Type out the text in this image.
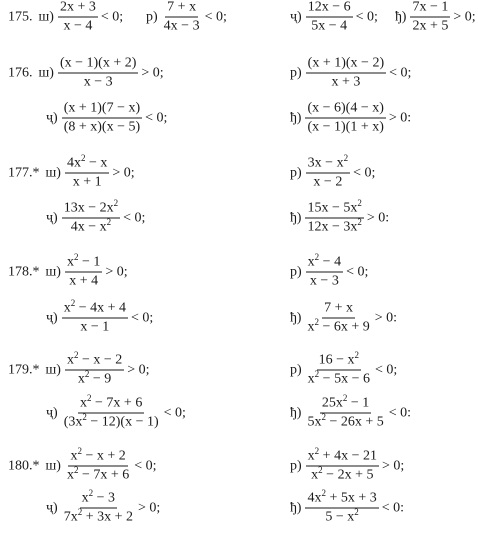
175. $ш) \frac{2x + 3}{x - 4} < 0$; $р) \frac{7 + x}{4x - 3} < 0$;	$ҷ) \frac{12x - 6}{5x - 4} < 0$; $ђ) \frac{7x - 1}{2x + 5} > 0$;
176. $ш) \frac{(x - 1)(x + 2)}{x - 3} > 0$;	$р) \frac{(x + 1)(x - 2)}{x + 3} < 0$;
$ҷ) \frac{(x + 1)(7 - x)}{(8 + x)(x - 5)} < 0$;	$ђ) \frac{(x - 6)(4 - x)}{(x - 1)(1 + x)} > 0$:
177.* $ш) \frac{4x^2 - x}{x + 1} > 0$;	$р) \frac{3x - x^2}{x - 2} < 0$;
$ҷ) \frac{13x - 2x^2}{4x - x^2} < 0$;	$ђ) \frac{15x - 5x^2}{12x - 3x^2} > 0$:
178.* $ш) \frac{x^2 - 1}{x + 4} > 0$;	$р) \frac{x^2 - 4}{x - 3} < 0$;
$ҷ) \frac{x^2 - 4x + 4}{x - 1} < 0$;	$ђ) \frac{7 + x}{x^2 - 6x + 9} > 0$:
179.* $ш) \frac{x^2 - x - 2}{x^2 - 9} > 0$;	$р) \frac{16 - x^2}{x^2 - 5x - 6} < 0$;
$ҷ) \frac{x^2 - 7x + 6}{(3x^2 - 12)(x - 1)} < 0$;	$ђ) \frac{25x^2 - 1}{5x^2 - 26x + 5} < 0$:
180.* $ш) \frac{x^2 - x + 2}{x^2 - 7x + 6} < 0$;	$р) \frac{x^2 + 4x - 21}{x^2 - 2x + 5} > 0$;
$ҷ) \frac{x^2 - 3}{7x^2 + 3x + 2} > 0$;	$ђ) \frac{4x^2 + 5x + 3}{5 - x^2} < 0$:
